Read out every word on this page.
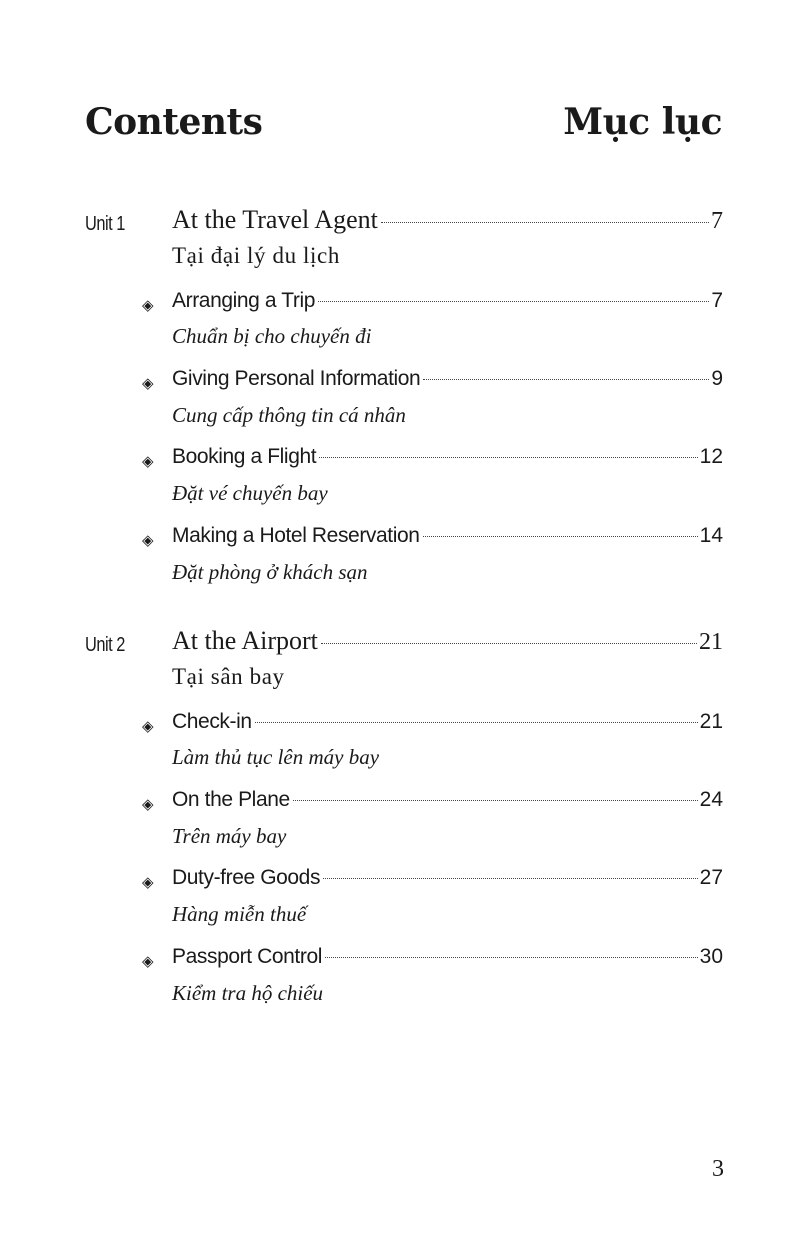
Contents	Mục lục
Unit 1 At the Travel Agent	7
Tại đại lý du lịch
◈ Arranging a Trip	7
Chuẩn bị cho chuyến đi
◈ Giving Personal Information	9
Cung cấp thông tin cá nhân
◈ Booking a Flight	12
Đặt vé chuyến bay
◈ Making a Hotel Reservation	14
Đặt phòng ở khách sạn
Unit 2 At the Airport	21
Tại sân bay
◈ Check-in	21
Làm thủ tục lên máy bay
◈ On the Plane	24
Trên máy bay
◈ Duty-free Goods	27
Hàng miễn thuế
◈ Passport Control	30
Kiểm tra hộ chiếu
3
